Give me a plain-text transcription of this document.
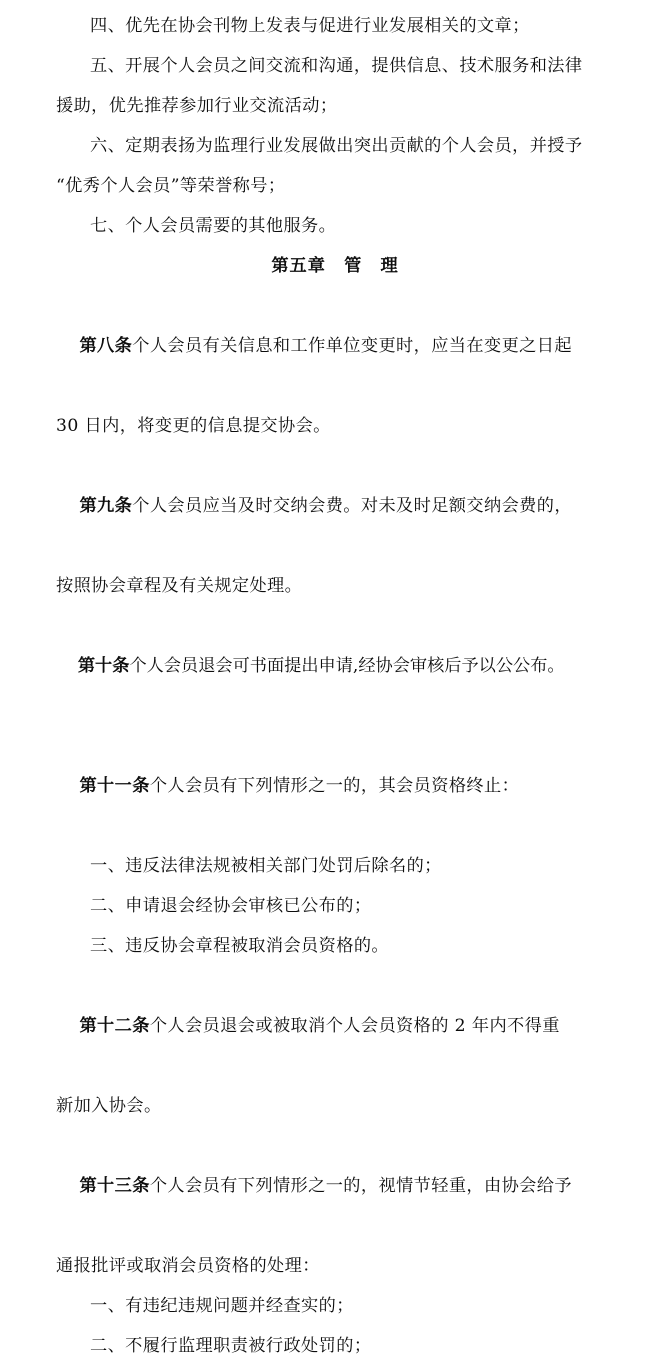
四、优先在协会刊物上发表与促进行业发展相关的文章；
五、开展个人会员之间交流和沟通，提供信息、技术服务和法律
援助，优先推荐参加行业交流活动；
六、定期表扬为监理行业发展做出突出贡献的个人会员，并授予
“优秀个人会员”等荣誉称号；
七、个人会员需要的其他服务。
第五章　管　理

第八条个人会员有关信息和工作单位变更时，应当在变更之日起

30 日内，将变更的信息提交协会。

第九条个人会员应当及时交纳会费。对未及时足额交纳会费的，

按照协会章程及有关规定处理。

第十条个人会员退会可书面提出申请,经协会审核后予以公公布。

第十一条个人会员有下列情形之一的，其会员资格终止：

一、违反法律法规被相关部门处罚后除名的；
二、申请退会经协会审核已公布的；
三、违反协会章程被取消会员资格的。

第十二条个人会员退会或被取消个人会员资格的 2 年内不得重

新加入协会。

第十三条个人会员有下列情形之一的，视情节轻重，由协会给予

通报批评或取消会员资格的处理：
一、有违纪违规问题并经查实的；
二、不履行监理职责被行政处罚的；
